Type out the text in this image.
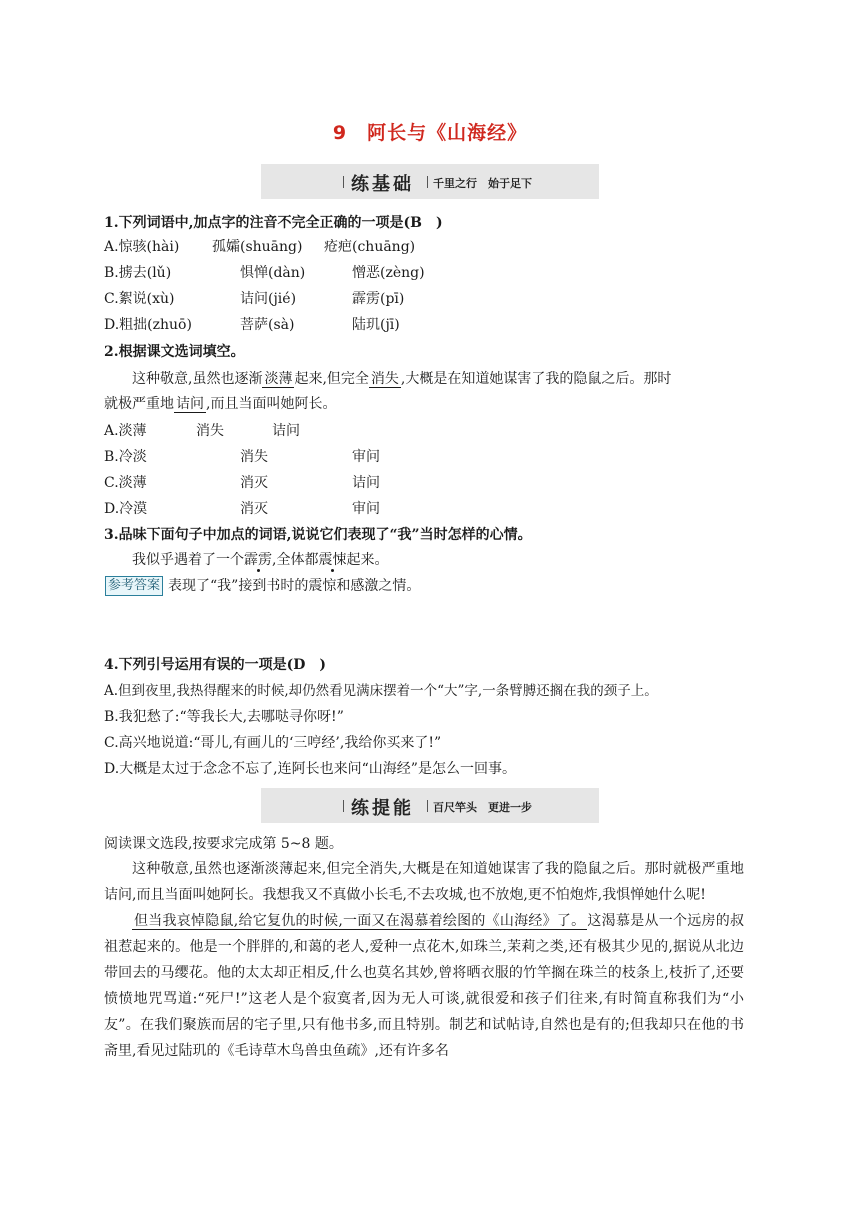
9　阿长与《山海经》
练基础 千里之行　始于足下
1.下列词语中,加点字的注音不完全正确的一项是(B　)
A.惊骇(hài) 孤孀(shuāng) 疮疤(chuāng)
B.掳去(lǔ)	惧惮(dàn)	憎恶(zèng)
C.絮说(xù)	诘问(jié)	霹雳(pī)
D.粗拙(zhuō)	菩萨(sà)	陆玑(jī)
2.根据课文选词填空。
这种敬意,虽然也逐渐 淡薄 起来,但完全 消失 ,大概是在知道她谋害了我的隐鼠之后。那时
就极严重地 诘问 ,而且当面叫她阿长。
A.淡薄	消失	诘问
B.冷淡	消失	审问
C.淡薄	消灭	诘问
D.冷漠	消灭	审问
3.品味下面句子中加点的词语,说说它们表现了“我”当时怎样的心情。
我似乎遇着了一个霹雳,全体都震悚起来。
参考答案 表现了“我”接到书时的震惊和感激之情。
4.下列引号运用有误的一项是(D　)
A.但到夜里,我热得醒来的时候,却仍然看见满床摆着一个“大”字,一条臂膊还搁在我的颈子上。
B.我犯愁了:“等我长大,去哪哒寻你呀!”
C.高兴地说道:“哥儿,有画儿的‘三哼经’,我给你买来了!”
D.大概是太过于念念不忘了,连阿长也来问“山海经”是怎么一回事。
练提能 百尺竿头　更进一步
阅读课文选段,按要求完成第 5~8 题。

这种敬意,虽然也逐渐淡薄起来,但完全消失,大概是在知道她谋害了我的隐鼠之后。那时就极严重地诘问,而且当面叫她阿长。我想我又不真做小长毛,不去攻城,也不放炮,更不怕炮炸,我惧惮她什么呢!

但当我哀悼隐鼠,给它复仇的时候,一面又在渴慕着绘图的《山海经》了。 这渴慕是从一个远房的叔祖惹起来的。他是一个胖胖的,和蔼的老人,爱种一点花木,如珠兰,茉莉之类,还有极其少见的,据说从北边带回去的马缨花。他的太太却正相反,什么也莫名其妙,曾将晒衣服的竹竿搁在珠兰的枝条上,枝折了,还要愤愤地咒骂道:“死尸!”这老人是个寂寞者,因为无人可谈,就很爱和孩子们往来,有时简直称我们为“小友”。在我们聚族而居的宅子里,只有他书多,而且特别。制艺和试帖诗,自然也是有的;但我却只在他的书斋里,看见过陆玑的《毛诗草木鸟兽虫鱼疏》,还有许多名
